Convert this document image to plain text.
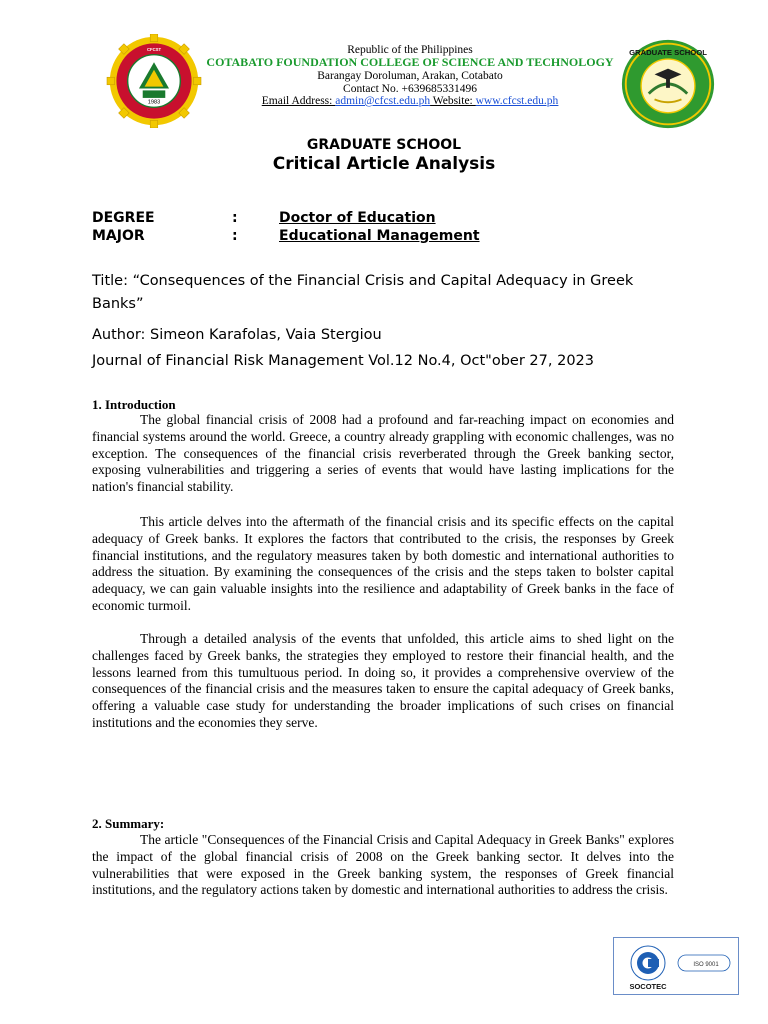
1983
CFCST	Republic of the Philippines
COTABATO FOUNDATION COLLEGE OF SCIENCE AND TECHNOLOGY
Barangay Doroluman, Arakan, Cotabato
Contact No. +639685331496
Email Address: admin@cfcst.edu.ph Website: www.cfcst.edu.ph
GRADUATE SCHOOL
GRADUATE SCHOOL
Critical Article Analysis
DEGREE	:	Doctor of Education
MAJOR	:	Educational Management
Title: “Consequences of the Financial Crisis and Capital Adequacy in Greek Banks”
Author: Simeon Karafolas, Vaia Stergiou
Journal of Financial Risk Management Vol.12 No.4, Oct"ober 27, 2023
1. Introduction

The global financial crisis of 2008 had a profound and far-reaching impact on economies and financial systems around the world. Greece, a country already grappling with economic challenges, was no exception. The consequences of the financial crisis reverberated through the Greek banking sector, exposing vulnerabilities and triggering a series of events that would have lasting implications for the nation's financial stability.

This article delves into the aftermath of the financial crisis and its specific effects on the capital adequacy of Greek banks. It explores the factors that contributed to the crisis, the responses by Greek financial institutions, and the regulatory measures taken by both domestic and international authorities to address the situation. By examining the consequences of the crisis and the steps taken to bolster capital adequacy, we can gain valuable insights into the resilience and adaptability of Greek banks in the face of economic turmoil.

Through a detailed analysis of the events that unfolded, this article aims to shed light on the challenges faced by Greek banks, the strategies they employed to restore their financial health, and the lessons learned from this tumultuous period. In doing so, it provides a comprehensive overview of the consequences of the financial crisis and the measures taken to ensure the capital adequacy of Greek banks, offering a valuable case study for understanding the broader implications of such crises on financial institutions and the economies they serve.

2. Summary:

The article "Consequences of the Financial Crisis and Capital Adequacy in Greek Banks" explores the impact of the global financial crisis of 2008 on the Greek banking sector. It delves into the vulnerabilities that were exposed in the Greek banking system, the responses of Greek financial institutions, and the regulatory actions taken by domestic and international authorities to address the crisis.

SOCOTEC
ISO 9001
